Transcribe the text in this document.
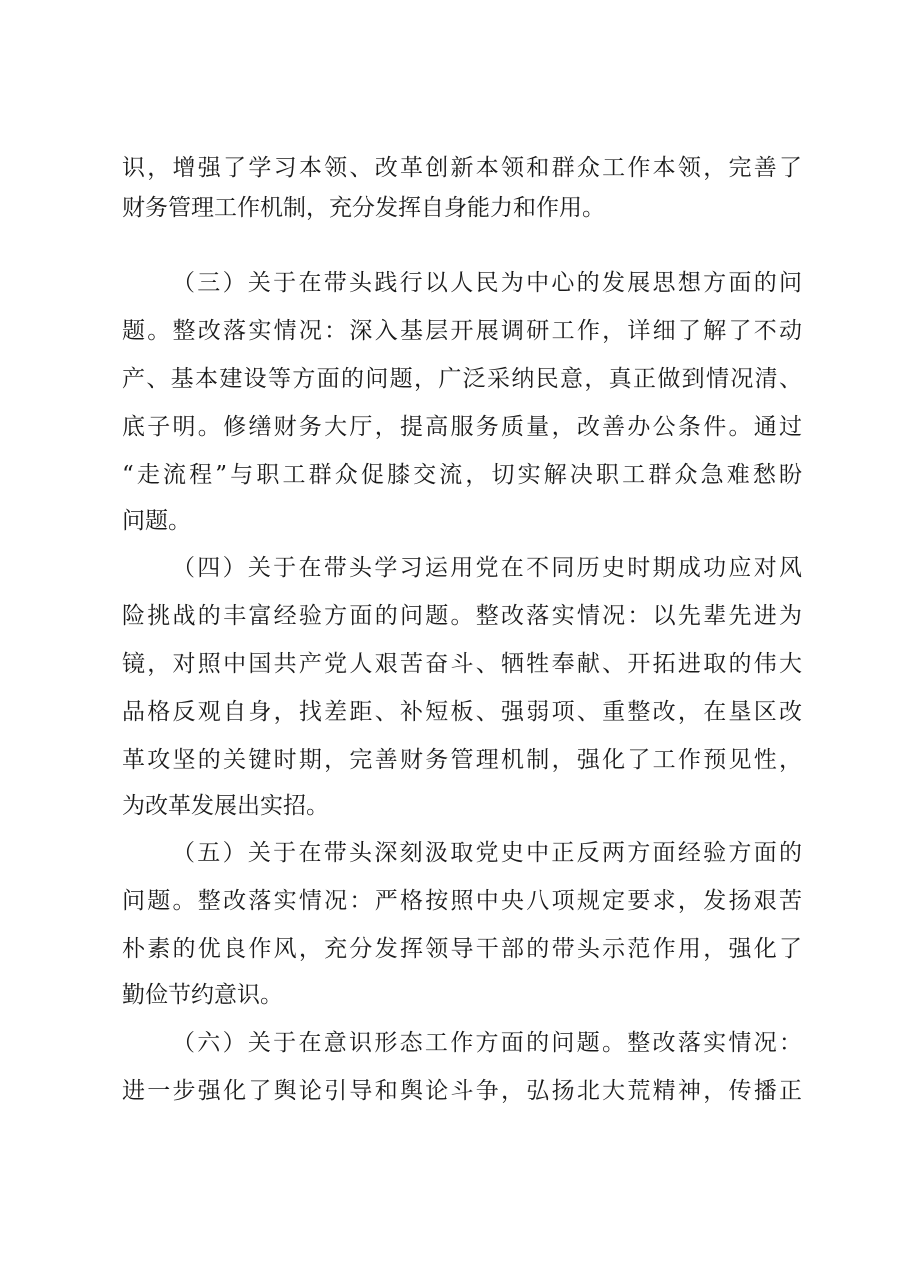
识，增强了学习本领、改革创新本领和群众工作本领，完善了
财务管理工作机制，充分发挥自身能力和作用。
（三）关于在带头践行以人民为中心的发展思想方面的问
题。整改落实情况：深入基层开展调研工作，详细了解了不动
产、基本建设等方面的问题，广泛采纳民意，真正做到情况清、
底子明。修缮财务大厅，提高服务质量，改善办公条件。通过
“走流程”与职工群众促膝交流，切实解决职工群众急难愁盼
问题。
（四）关于在带头学习运用党在不同历史时期成功应对风
险挑战的丰富经验方面的问题。整改落实情况：以先辈先进为
镜，对照中国共产党人艰苦奋斗、牺牲奉献、开拓进取的伟大
品格反观自身，找差距、补短板、强弱项、重整改，在垦区改
革攻坚的关键时期，完善财务管理机制，强化了工作预见性，
为改革发展出实招。
（五）关于在带头深刻汲取党史中正反两方面经验方面的
问题。整改落实情况：严格按照中央八项规定要求，发扬艰苦
朴素的优良作风，充分发挥领导干部的带头示范作用，强化了
勤俭节约意识。
（六）关于在意识形态工作方面的问题。整改落实情况：
进一步强化了舆论引导和舆论斗争，弘扬北大荒精神，传播正
